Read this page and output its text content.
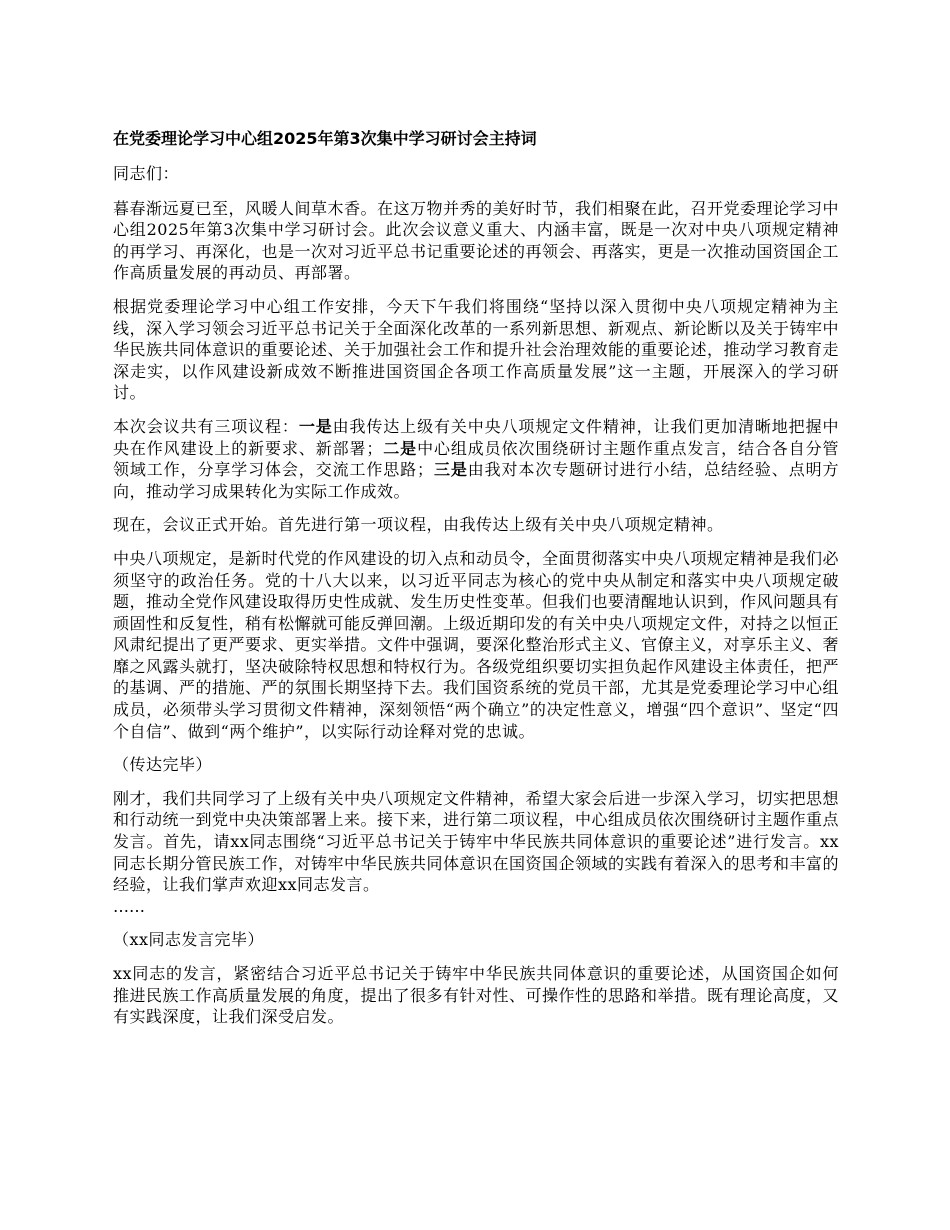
在党委理论学习中心组2025年第3次集中学习研讨会主持词

同志们：

暮春渐远夏已至，风暖人间草木香。在这万物并秀的美好时节，我们相聚在此，召开党委理论学习中心组2025年第3次集中学习研讨会。此次会议意义重大、内涵丰富，既是一次对中央八项规定精神的再学习、再深化，也是一次对习近平总书记重要论述的再领会、再落实，更是一次推动国资国企工作高质量发展的再动员、再部署。

根据党委理论学习中心组工作安排，今天下午我们将围绕“坚持以深入贯彻中央八项规定精神为主线，深入学习领会习近平总书记关于全面深化改革的一系列新思想、新观点、新论断以及关于铸牢中华民族共同体意识的重要论述、关于加强社会工作和提升社会治理效能的重要论述，推动学习教育走深走实，以作风建设新成效不断推进国资国企各项工作高质量发展”这一主题，开展深入的学习研讨。

本次会议共有三项议程：一是由我传达上级有关中央八项规定文件精神，让我们更加清晰地把握中央在作风建设上的新要求、新部署；二是中心组成员依次围绕研讨主题作重点发言，结合各自分管领域工作，分享学习体会，交流工作思路；三是由我对本次专题研讨进行小结，总结经验、点明方向，推动学习成果转化为实际工作成效。

现在，会议正式开始。首先进行第一项议程，由我传达上级有关中央八项规定精神。

中央八项规定，是新时代党的作风建设的切入点和动员令，全面贯彻落实中央八项规定精神是我们必须坚守的政治任务。党的十八大以来，以习近平同志为核心的党中央从制定和落实中央八项规定破题，推动全党作风建设取得历史性成就、发生历史性变革。但我们也要清醒地认识到，作风问题具有顽固性和反复性，稍有松懈就可能反弹回潮。上级近期印发的有关中央八项规定文件，对持之以恒正风肃纪提出了更严要求、更实举措。文件中强调，要深化整治形式主义、官僚主义，对享乐主义、奢靡之风露头就打，坚决破除特权思想和特权行为。各级党组织要切实担负起作风建设主体责任，把严的基调、严的措施、严的氛围长期坚持下去。我们国资系统的党员干部，尤其是党委理论学习中心组成员，必须带头学习贯彻文件精神，深刻领悟“两个确立”的决定性意义，增强“四个意识”、坚定“四个自信”、做到“两个维护”，以实际行动诠释对党的忠诚。

（传达完毕）

刚才，我们共同学习了上级有关中央八项规定文件精神，希望大家会后进一步深入学习，切实把思想和行动统一到党中央决策部署上来。接下来，进行第二项议程，中心组成员依次围绕研讨主题作重点发言。首先，请xx同志围绕“习近平总书记关于铸牢中华民族共同体意识的重要论述”进行发言。xx同志长期分管民族工作，对铸牢中华民族共同体意识在国资国企领域的实践有着深入的思考和丰富的经验，让我们掌声欢迎xx同志发言。
……

（xx同志发言完毕）

xx同志的发言，紧密结合习近平总书记关于铸牢中华民族共同体意识的重要论述，从国资国企如何推进民族工作高质量发展的角度，提出了很多有针对性、可操作性的思路和举措。既有理论高度，又有实践深度，让我们深受启发。
